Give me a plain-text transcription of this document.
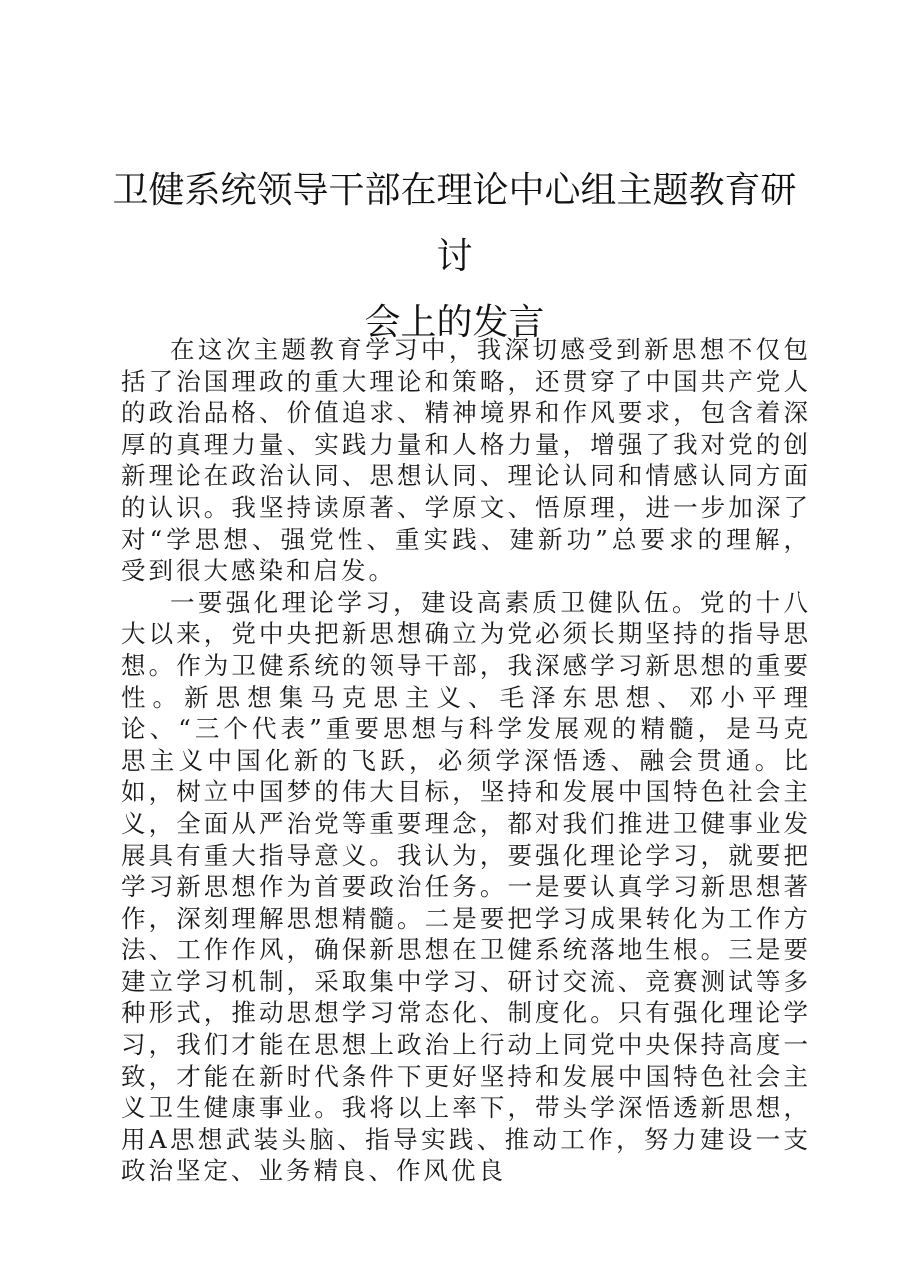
卫健系统领导干部在理论中心组主题教育研讨
会上的发言

在这次主题教育学习中，我深切感受到新思想不仅包括了治国理政的重大理论和策略，还贯穿了中国共产党人的政治品格、价值追求、精神境界和作风要求，包含着深厚的真理力量、实践力量和人格力量，增强了我对党的创新理论在政治认同、思想认同、理论认同和情感认同方面的认识。我坚持读原著、学原文、悟原理，进一步加深了对“学思想、强党性、重实践、建新功”总要求的理解，受到很大感染和启发。

一要强化理论学习，建设高素质卫健队伍。党的十八大以来，党中央把新思想确立为党必须长期坚持的指导思想。作为卫健系统的领导干部，我深感学习新思想的重要性。新思想集马克思主义、毛泽东思想、邓小平理论、“三个代表”重要思想与科学发展观的精髓，是马克思主义中国化新的飞跃，必须学深悟透、融会贯通。比如，树立中国梦的伟大目标，坚持和发展中国特色社会主义，全面从严治党等重要理念，都对我们推进卫健事业发展具有重大指导意义。我认为，要强化理论学习，就要把学习新思想作为首要政治任务。一是要认真学习新思想著作，深刻理解思想精髓。二是要把学习成果转化为工作方法、工作作风，确保新思想在卫健系统落地生根。三是要建立学习机制，采取集中学习、研讨交流、竞赛测试等多种形式，推动思想学习常态化、制度化。只有强化理论学习，我们才能在思想上政治上行动上同党中央保持高度一致，才能在新时代条件下更好坚持和发展中国特色社会主义卫生健康事业。我将以上率下，带头学深悟透新思想，用A思想武装头脑、指导实践、推动工作，努力建设一支政治坚定、业务精良、作风优良
